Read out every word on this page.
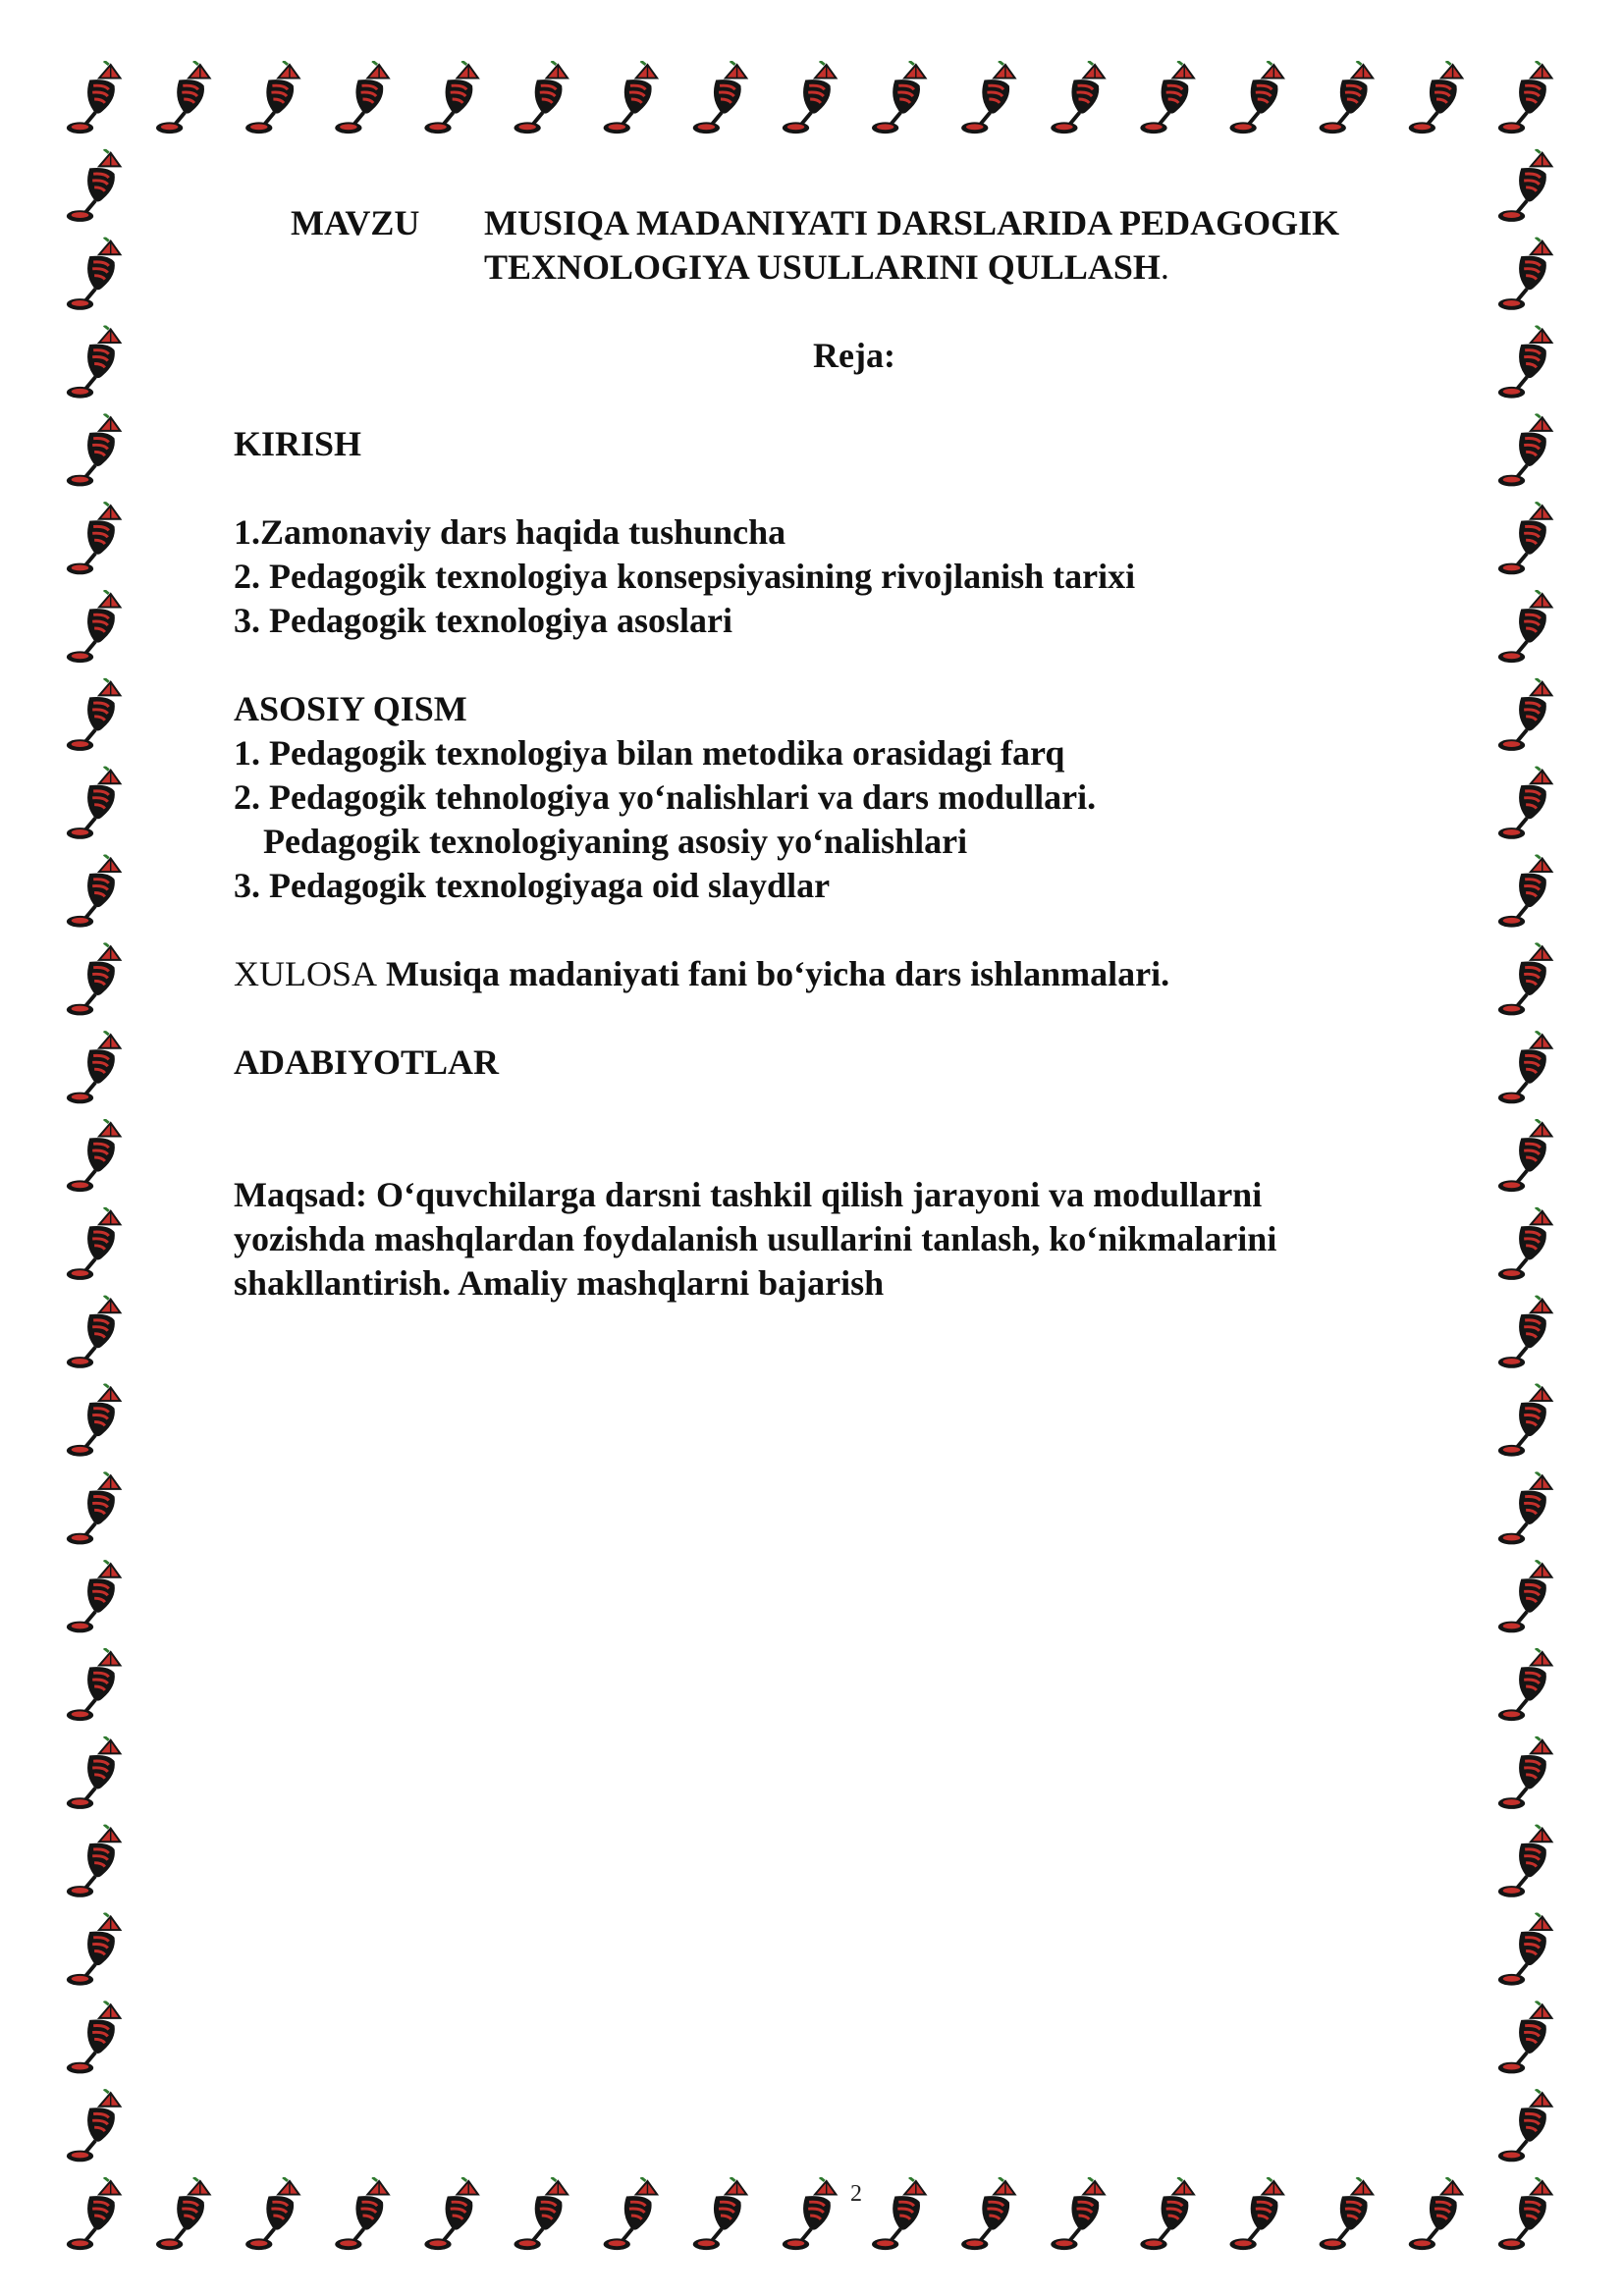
MAVZU MUSIQA MADANIYATI DARSLARIDA PEDAGOGIK
TEXNOLOGIYA USULLARINI QULLASH.
Reja:
KIRISH
1.Zamonaviy dars haqida tushuncha
2. Pedagogik texnologiya konsepsiyasining rivojlanish tarixi
3. Pedagogik texnologiya asoslari
ASOSIY QISM
1. Pedagogik texnologiya bilan metodika orasidagi farq
2. Pedagogik tehnologiya yo‘nalishlari va dars modullari.
Pedagogik texnologiyaning asosiy yo‘nalishlari
3. Pedagogik texnologiyaga oid slaydlar
XULOSA Musiqa madaniyati fani bo‘yicha dars ishlanmalari.
ADABIYOTLAR
Maqsad: O‘quvchilarga darsni tashkil qilish jarayoni va modullarni
yozishda mashqlardan foydalanish usullarini tanlash, ko‘nikmalarini
shakllantirish. Amaliy mashqlarni bajarish
2
